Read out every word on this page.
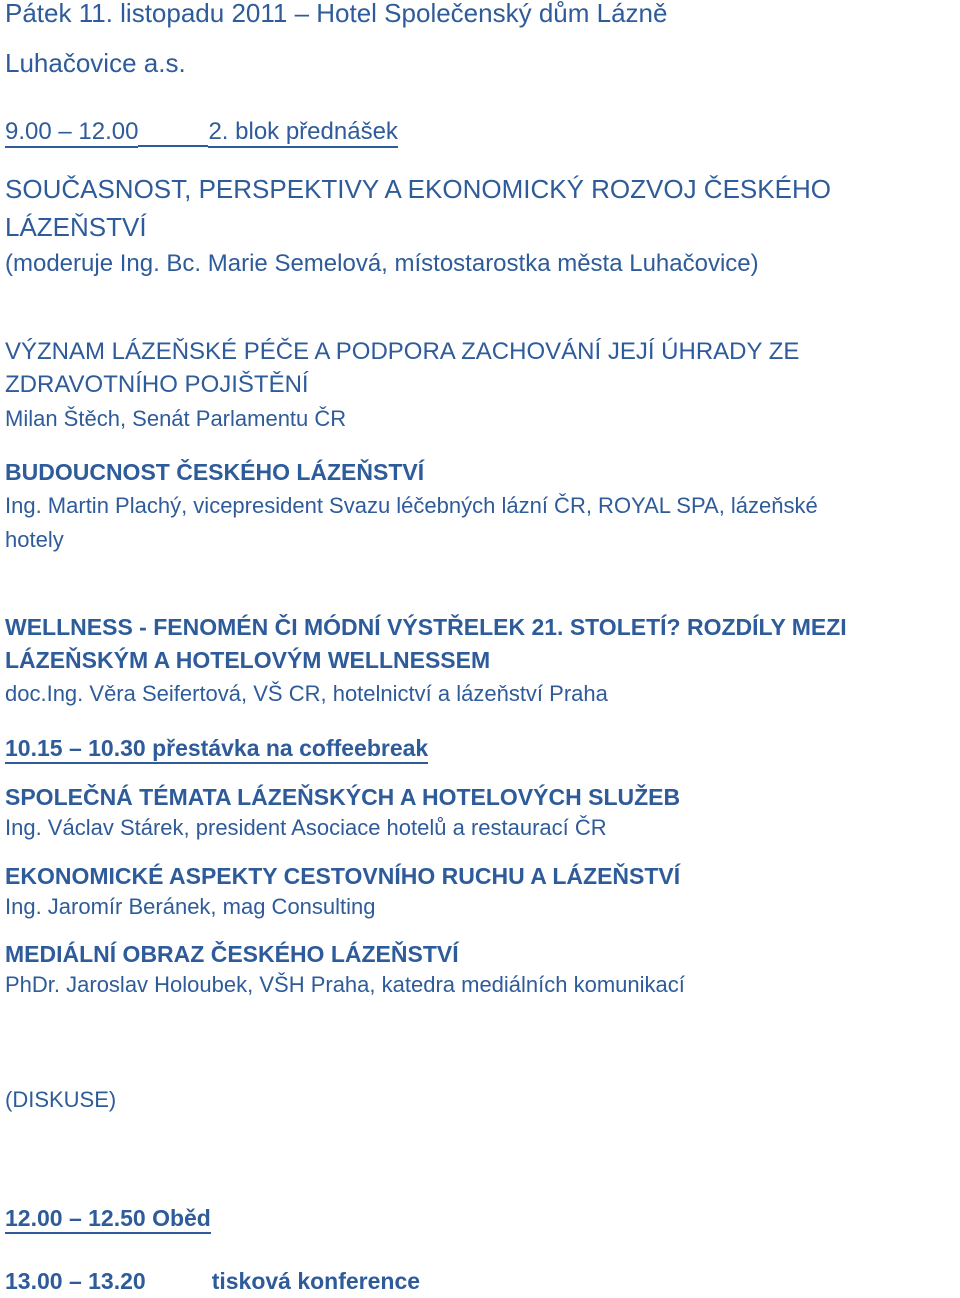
Pátek 11. listopadu 2011 – Hotel Společenský dům Lázně

Luhačovice a.s.

9.00 – 12.00	2. blok přednášek

SOUČASNOST, PERSPEKTIVY A EKONOMICKÝ ROZVOJ ČESKÉHO

LÁZEŇSTVÍ

(moderuje Ing. Bc. Marie Semelová, místostarostka města Luhačovice)

VÝZNAM LÁZEŇSKÉ PÉČE A PODPORA ZACHOVÁNÍ JEJÍ ÚHRADY ZE

ZDRAVOTNÍHO POJIŠTĚNÍ

Milan Štěch, Senát Parlamentu ČR

BUDOUCNOST ČESKÉHO LÁZEŇSTVÍ

Ing. Martin Plachý, vicepresident Svazu léčebných lázní ČR, ROYAL SPA, lázeňské

hotely

WELLNESS - FENOMÉN ČI MÓDNÍ VÝSTŘELEK 21. STOLETÍ? ROZDÍLY MEZI

LÁZEŇSKÝM A HOTELOVÝM WELLNESSEM

doc.Ing. Věra Seifertová, VŠ CR, hotelnictví a lázeňství Praha

10.15 – 10.30 přestávka na coffeebreak

SPOLEČNÁ TÉMATA LÁZEŇSKÝCH A HOTELOVÝCH SLUŽEB

Ing. Václav Stárek, president Asociace hotelů a restaurací ČR

EKONOMICKÉ ASPEKTY CESTOVNÍHO RUCHU A LÁZEŇSTVÍ

Ing. Jaromír Beránek, mag Consulting

MEDIÁLNÍ OBRAZ ČESKÉHO LÁZEŇSTVÍ

PhDr. Jaroslav Holoubek, VŠH Praha, katedra mediálních komunikací

(DISKUSE)

12.00 – 12.50 Oběd

13.00 – 13.20	tisková konference
